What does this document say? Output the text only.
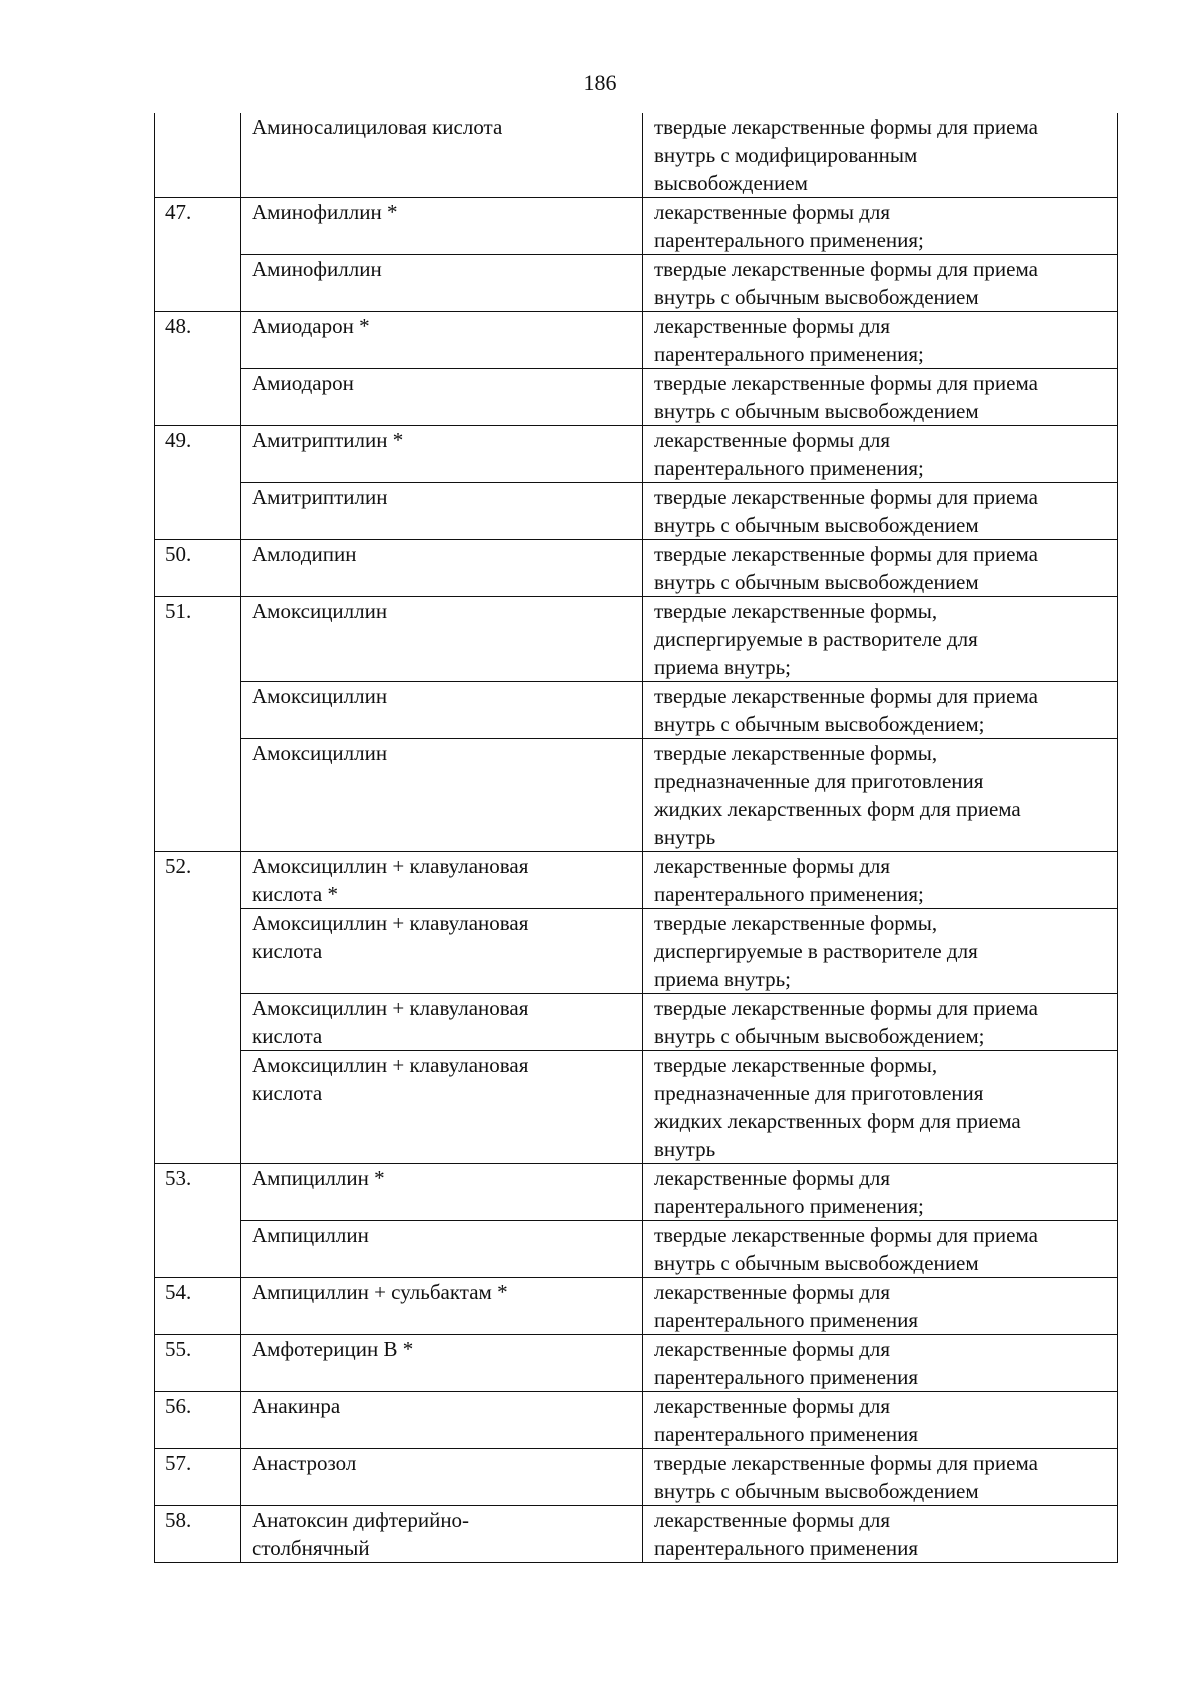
186
	Аминосалициловая кислота	твердые лекарственные формы для приема
внутрь с модифицированным
высвобождением
47.	Аминофиллин *	лекарственные формы для
парентерального применения;
	Аминофиллин	твердые лекарственные формы для приема
внутрь с обычным высвобождением
48.	Амиодарон *	лекарственные формы для
парентерального применения;
	Амиодарон	твердые лекарственные формы для приема
внутрь с обычным высвобождением
49.	Амитриптилин *	лекарственные формы для
парентерального применения;
	Амитриптилин	твердые лекарственные формы для приема
внутрь с обычным высвобождением
50.	Амлодипин	твердые лекарственные формы для приема
внутрь с обычным высвобождением
51.	Амоксициллин	твердые лекарственные формы,
диспергируемые в растворителе для
приема внутрь;
	Амоксициллин	твердые лекарственные формы для приема
внутрь с обычным высвобождением;
	Амоксициллин	твердые лекарственные формы,
предназначенные для приготовления
жидких лекарственных форм для приема
внутрь
52.	Амоксициллин + клавулановая
кислота *	лекарственные формы для
парентерального применения;
	Амоксициллин + клавулановая
кислота	твердые лекарственные формы,
диспергируемые в растворителе для
приема внутрь;
	Амоксициллин + клавулановая
кислота	твердые лекарственные формы для приема
внутрь с обычным высвобождением;
	Амоксициллин + клавулановая
кислота	твердые лекарственные формы,
предназначенные для приготовления
жидких лекарственных форм для приема
внутрь
53.	Ампициллин *	лекарственные формы для
парентерального применения;
	Ампициллин	твердые лекарственные формы для приема
внутрь с обычным высвобождением
54.	Ампициллин + сульбактам *	лекарственные формы для
парентерального применения
55.	Амфотерицин B *	лекарственные формы для
парентерального применения
56.	Анакинра	лекарственные формы для
парентерального применения
57.	Анастрозол	твердые лекарственные формы для приема
внутрь с обычным высвобождением
58.	Анатоксин дифтерийно-
столбнячный	лекарственные формы для
парентерального применения
